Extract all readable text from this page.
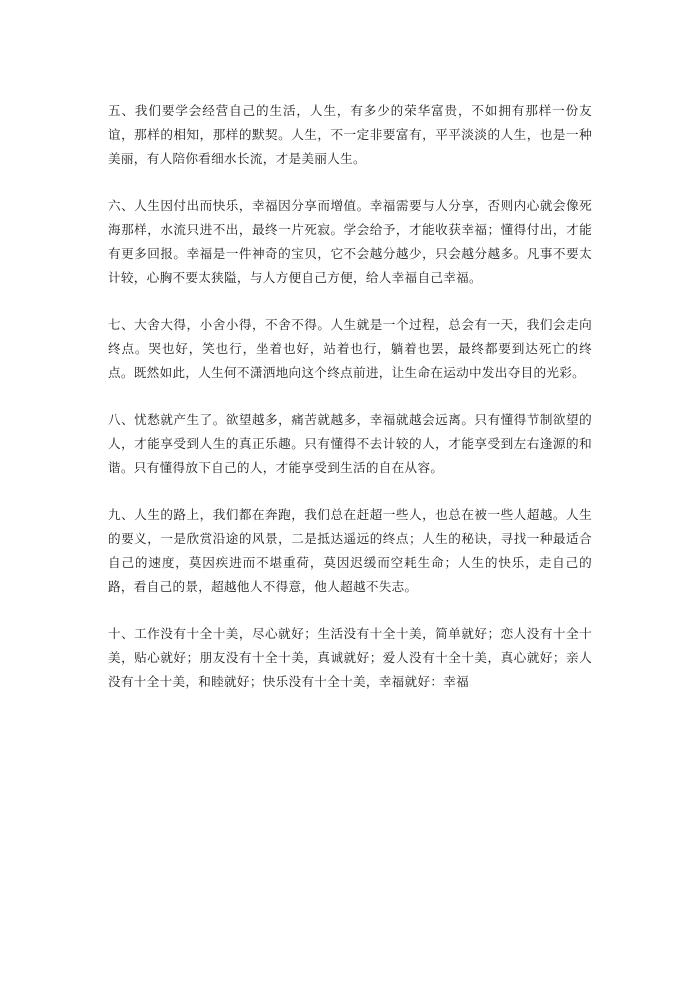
五、我们要学会经营自己的生活，人生，有多少的荣华富贵，不如拥有那样一份友谊，那样的相知，那样的默契。人生，不一定非要富有，平平淡淡的人生，也是一种美丽，有人陪你看细水长流，才是美丽人生。

六、人生因付出而快乐，幸福因分享而增值。幸福需要与人分享，否则内心就会像死海那样，水流只进不出，最终一片死寂。学会给予，才能收获幸福；懂得付出，才能有更多回报。幸福是一件神奇的宝贝，它不会越分越少，只会越分越多。凡事不要太计较，心胸不要太狭隘，与人方便自己方便，给人幸福自己幸福。

七、大舍大得，小舍小得，不舍不得。人生就是一个过程，总会有一天，我们会走向终点。哭也好，笑也行，坐着也好，站着也行，躺着也罢，最终都要到达死亡的终点。既然如此，人生何不潇洒地向这个终点前进，让生命在运动中发出夺目的光彩。

八、忧愁就产生了。欲望越多，痛苦就越多，幸福就越会远离。只有懂得节制欲望的人，才能享受到人生的真正乐趣。只有懂得不去计较的人，才能享受到左右逢源的和谐。只有懂得放下自己的人，才能享受到生活的自在从容。

九、人生的路上，我们都在奔跑，我们总在赶超一些人，也总在被一些人超越。人生的要义，一是欣赏沿途的风景，二是抵达遥远的终点；人生的秘诀，寻找一种最适合自己的速度，莫因疾进而不堪重荷，莫因迟缓而空耗生命；人生的快乐，走自己的路，看自己的景，超越他人不得意，他人超越不失志。

十、工作没有十全十美，尽心就好；生活没有十全十美，简单就好；恋人没有十全十美，贴心就好；朋友没有十全十美，真诚就好；爱人没有十全十美，真心就好；亲人没有十全十美，和睦就好；快乐没有十全十美，幸福就好：幸福
